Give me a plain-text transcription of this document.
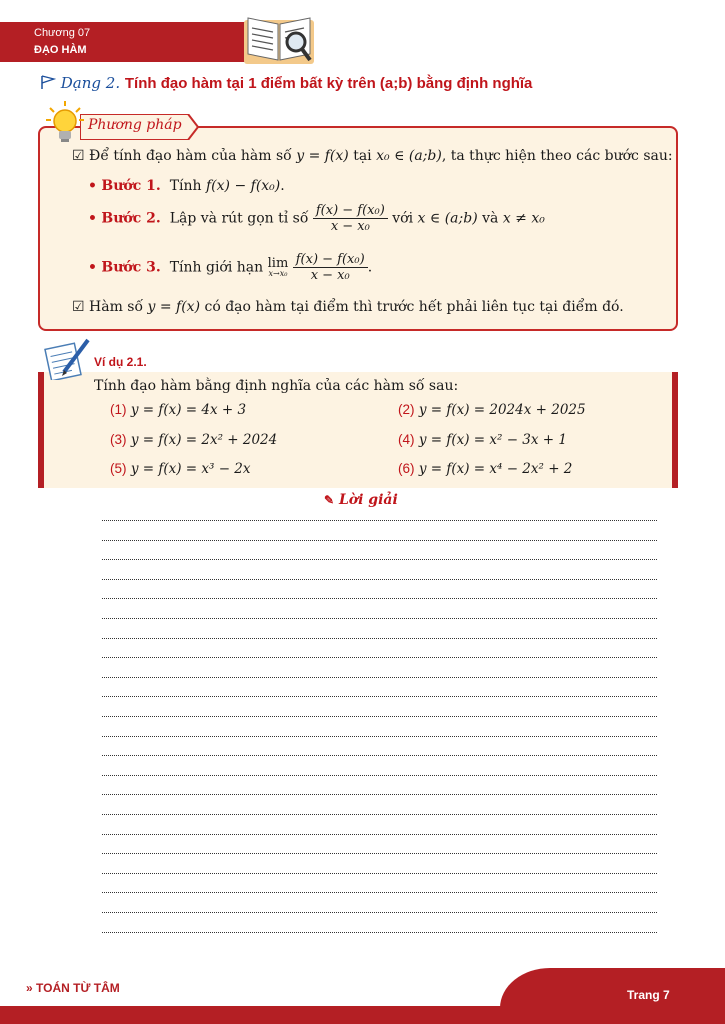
Chương 07
ĐẠO HÀM
Dạng 2. Tính đạo hàm tại 1 điểm bất kỳ trên (a;b) bằng định nghĩa
Phương pháp
☑ Để tính đạo hàm của hàm số y = f(x) tại x₀ ∈ (a;b), ta thực hiện theo các bước sau:
• Bước 1. Tính f(x) − f(x₀).
• Bước 2. Lập và rút gọn tỉ số $\frac{\text{f(x) − f(x₀)}}{\text{x − x₀}}$ với x ∈ (a;b) và x ≠ x₀
• Bước 3. Tính giới hạn lim
x→x₀
$\frac{\text{f(x) − f(x₀)}}{\text{x − x₀}}$ .
☑ Hàm số y = f(x) có đạo hàm tại điểm thì trước hết phải liên tục tại điểm đó.
Ví dụ 2.1.
Tính đạo hàm bằng định nghĩa của các hàm số sau:
(1) y = f(x) = 4x + 3	(2) y = f(x) = 2024x + 2025
(3) y = f(x) = 2x² + 2024	(4) y = f(x) = x² − 3x + 1
(5) y = f(x) = x³ − 2x	(6) y = f(x) = x⁴ − 2x² + 2
✎ Lời giải
» TOÁN TỪ TÂM	Trang 7
